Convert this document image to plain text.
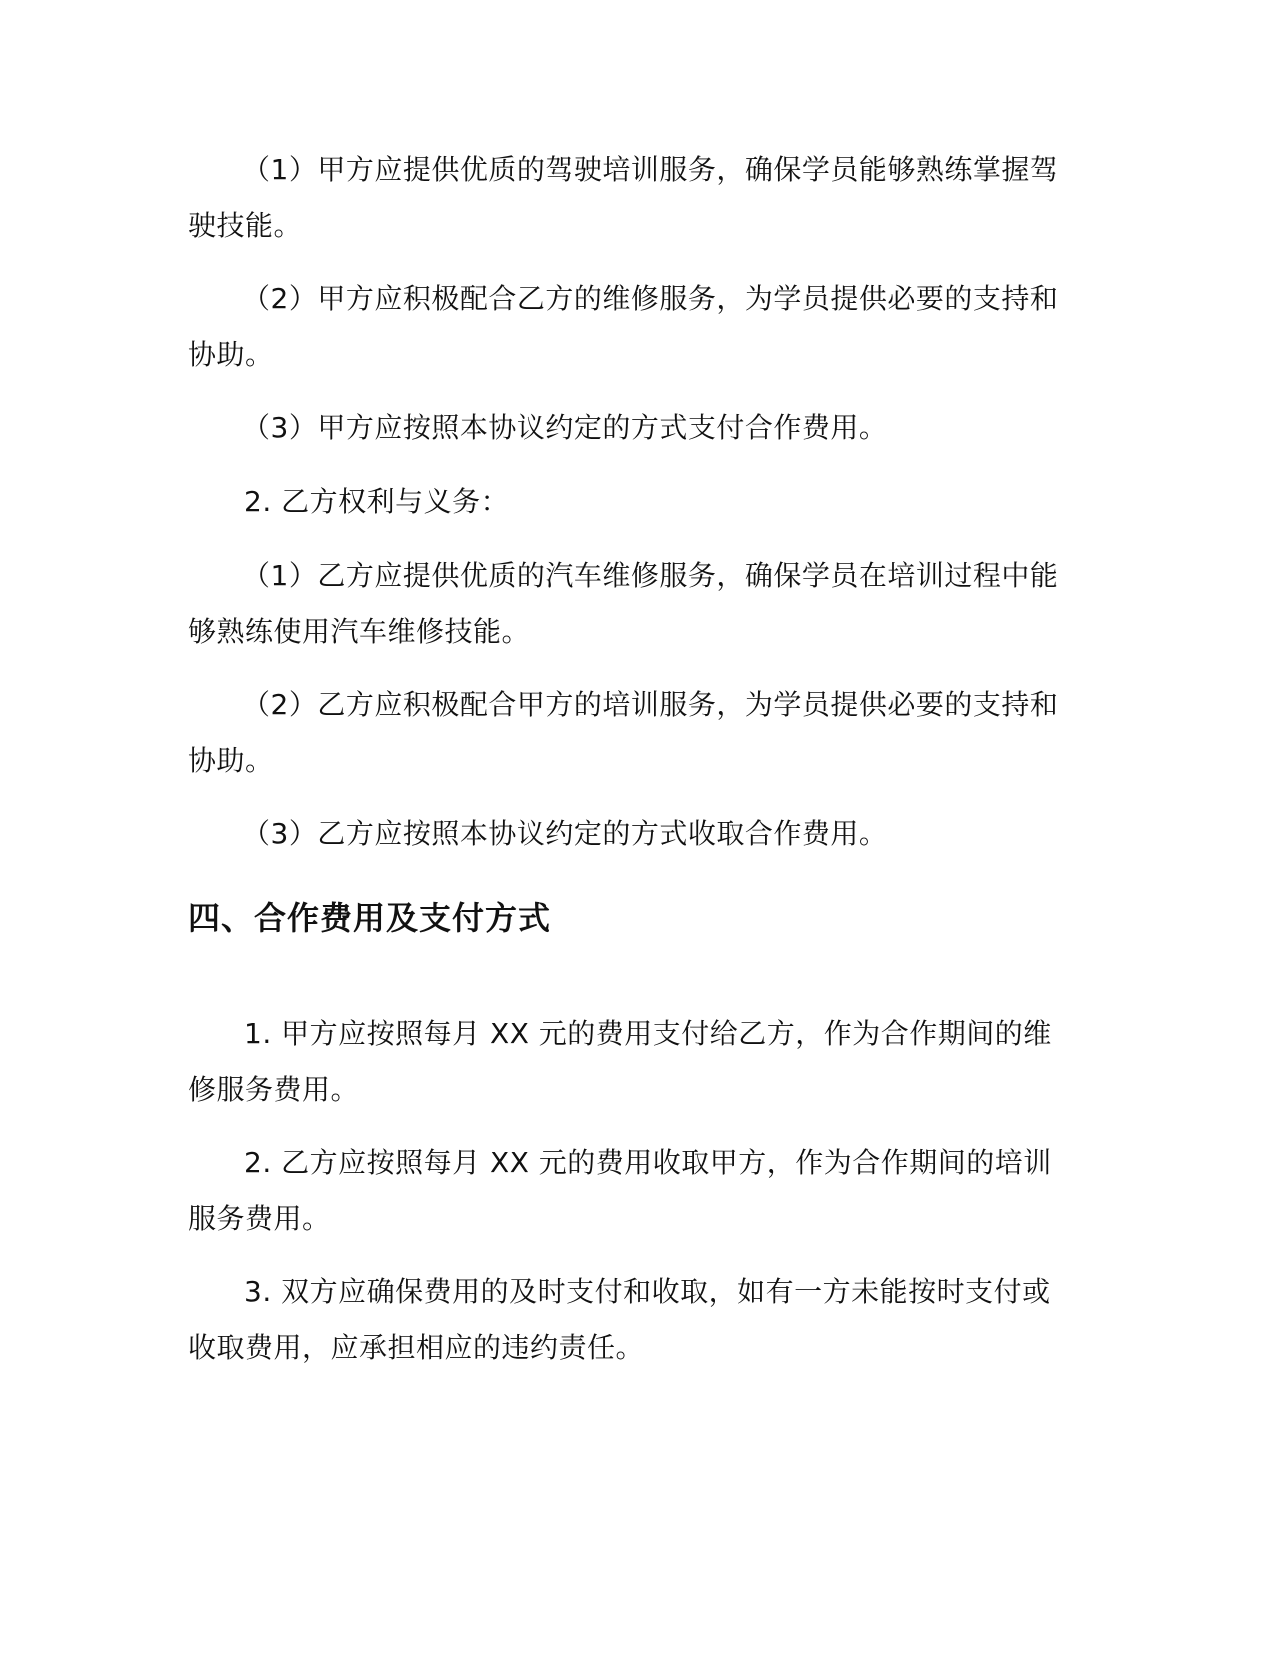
（1）甲方应提供优质的驾驶培训服务，确保学员能够熟练掌握驾
驶技能。
（2）甲方应积极配合乙方的维修服务，为学员提供必要的支持和
协助。
（3）甲方应按照本协议约定的方式支付合作费用。
2. 乙方权利与义务：
（1）乙方应提供优质的汽车维修服务，确保学员在培训过程中能
够熟练使用汽车维修技能。
（2）乙方应积极配合甲方的培训服务，为学员提供必要的支持和
协助。
（3）乙方应按照本协议约定的方式收取合作费用。
四、合作费用及支付方式
1. 甲方应按照每月 XX 元的费用支付给乙方，作为合作期间的维
修服务费用。
2. 乙方应按照每月 XX 元的费用收取甲方，作为合作期间的培训
服务费用。
3. 双方应确保费用的及时支付和收取，如有一方未能按时支付或
收取费用，应承担相应的违约责任。
